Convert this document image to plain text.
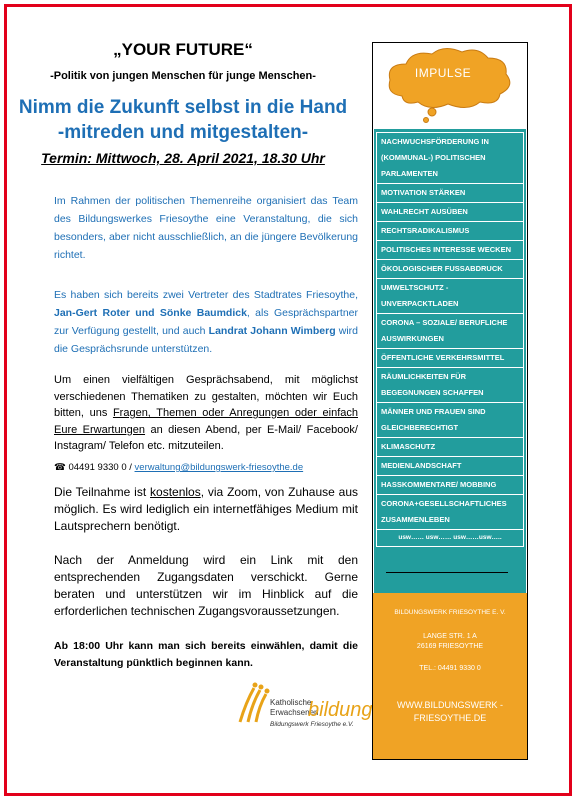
„YOUR FUTURE“
-Politik von jungen Menschen für junge Menschen-
Nimm die Zukunft selbst in die Hand
-mitreden und mitgestalten-
Termin: Mittwoch, 28. April 2021, 18.30 Uhr
Im Rahmen der politischen Themenreihe organisiert das Team des Bildungswerkes Friesoythe eine Veranstaltung, die sich besonders, aber nicht ausschließlich, an die jüngere Bevölkerung richtet.
Es haben sich bereits zwei Vertreter des Stadtrates Friesoythe, Jan-Gert Roter und Sönke Baumdick, als Gesprächspartner zur Verfügung gestellt, und auch Landrat Johann Wimberg wird die Gesprächsrunde unterstützen.
Um einen vielfältigen Gesprächsabend, mit möglichst verschiedenen Thematiken zu gestalten, möchten wir Euch bitten, uns Fragen, Themen oder Anregungen oder einfach Eure Erwartungen an diesen Abend, per E-Mail/ Facebook/ Instagram/ Telefon etc. mitzuteilen.
☎ 04491 9330 0 / verwaltung@bildungswerk-friesoythe.de
Die Teilnahme ist kostenlos, via Zoom, von Zuhause aus möglich. Es wird lediglich ein internetfähiges Medium mit Lautsprechern benötigt.
Nach der Anmeldung wird ein Link mit den entsprechenden Zugangsdaten verschickt. Gerne beraten und unterstützen wir im Hinblick auf die erforderlichen technischen Zugangsvoraussetzungen.
Ab 18:00 Uhr kann man sich bereits einwählen, damit die Veranstaltung pünktlich beginnen kann.
Katholische
Erwachsenen
bildung
Bildungswerk Friesoythe e.V.
IMPULSE
NACHWUCHSFÖRDERUNG IN (KOMMUNAL-) POLITISCHEN PARLAMENTEN
MOTIVATION STÄRKEN
WAHLRECHT AUSÜBEN
RECHTSRADIKALISMUS
POLITISCHES INTERESSE WECKEN
ÖKOLOGISCHER FUSSABDRUCK
UMWELTSCHUTZ - UNVERPACKTLADEN
CORONA – SOZIALE/ BERUFLICHE AUSWIRKUNGEN
ÖFFENTLICHE VERKEHRSMITTEL
RÄUMLICHKEITEN FÜR BEGEGNUNGEN SCHAFFEN
MÄNNER UND FRAUEN SIND GLEICHBERECHTIGT
KLIMASCHUTZ
MEDIENLANDSCHAFT
HASSKOMMENTARE/ MOBBING
CORONA+GESELLSCHAFTLICHES ZUSAMMENLEBEN
usw…… usw…… usw……usw…..
BILDUNGSWERK FRIESOYTHE E. V.
LANGE STR. 1 A
26169 FRIESOYTHE
TEL.: 04491 9330 0
WWW.BILDUNGSWERK -FRIESOYTHE.DE
